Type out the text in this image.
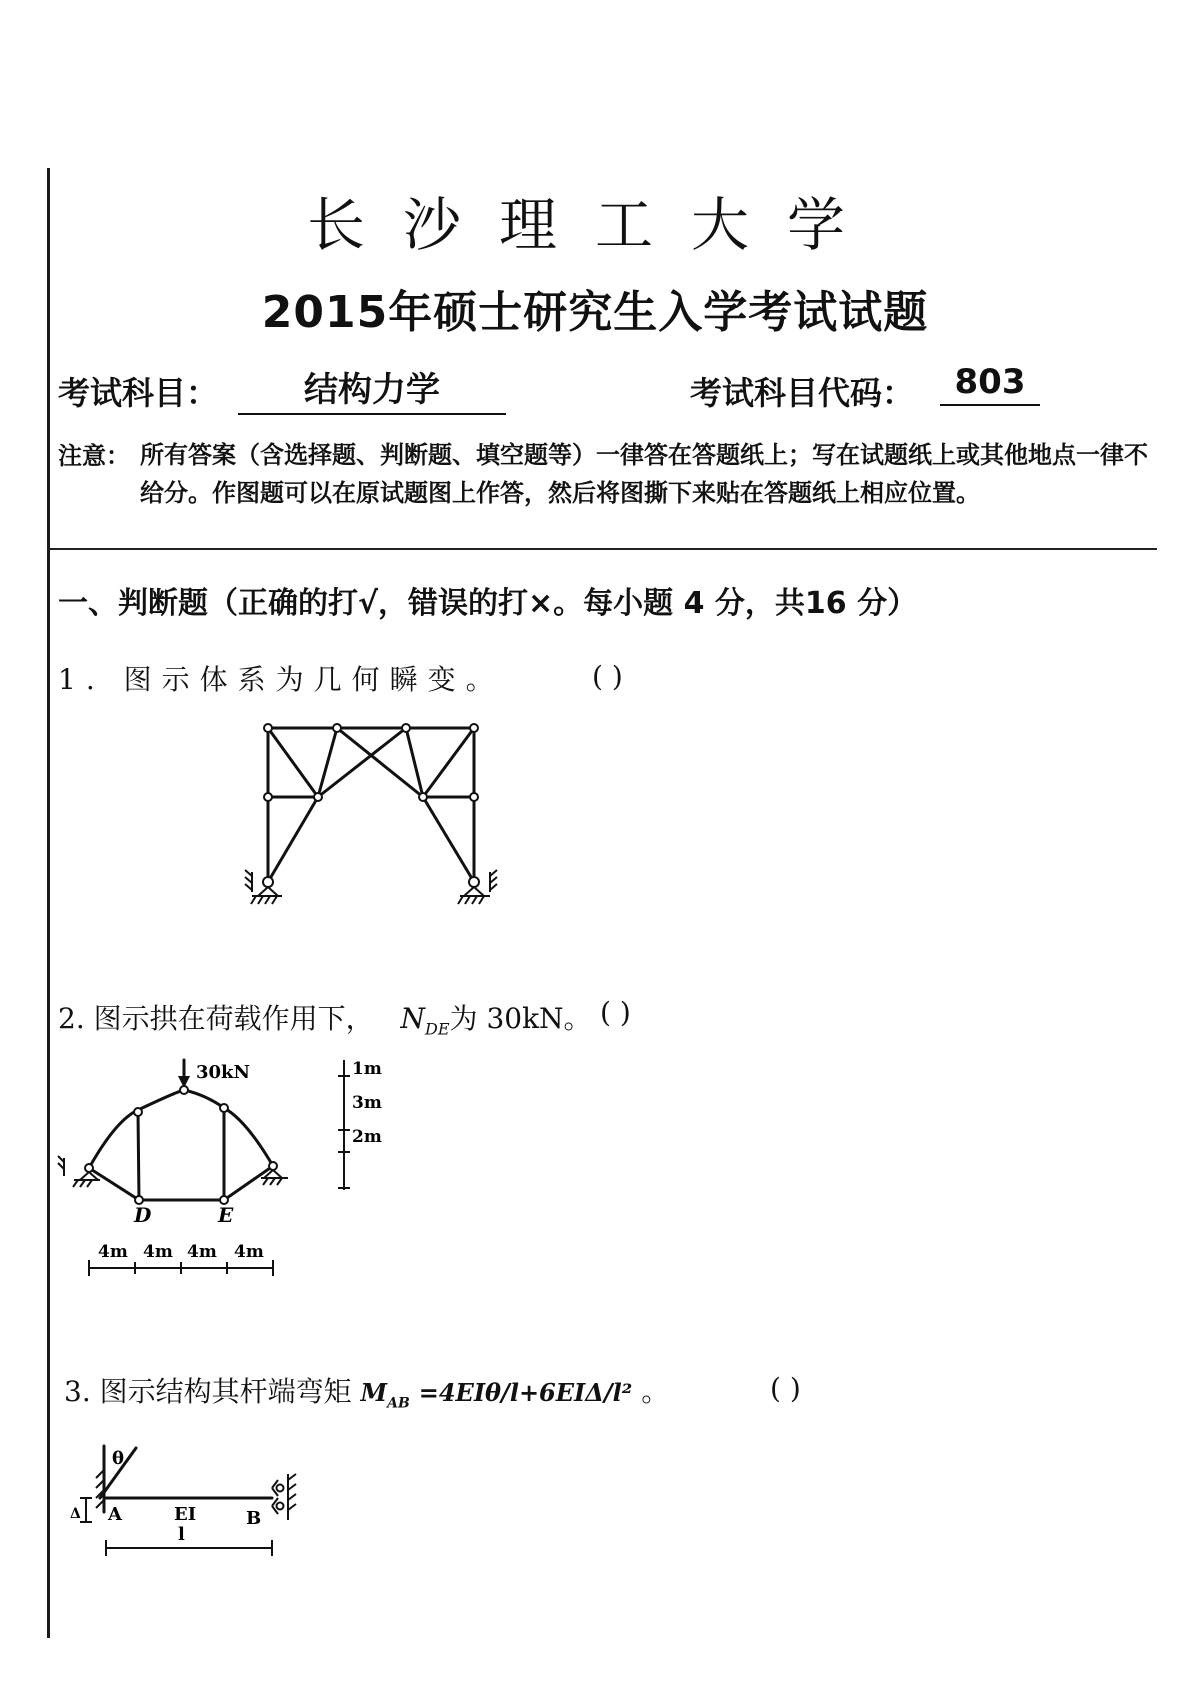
长沙理工大学
2015年硕士研究生入学考试试题
考试科目：	结构力学	考试科目代码：	803
注意： 所有答案（含选择题、判断题、填空题等）一律答在答题纸上；写在试题纸上或其他地点一律不给分。作图题可以在原试题图上作答，然后将图撕下来贴在答题纸上相应位置。
一、判断题（正确的打√，错误的打×。每小题 4 分，共16 分）
1. 图示体系为几何瞬变。	( )
2. 图示拱在荷载作用下， $N_{DE}$为 30kN。 ( )
30kN
D	E
4m 4m 4m 4m
1m
3m
2m
3. 图示结构其杆端弯矩 $M_{AB} =4EI\theta/l+6EI\Delta/l^2$ 。	( )
θ
Δ A	EI	B
l
